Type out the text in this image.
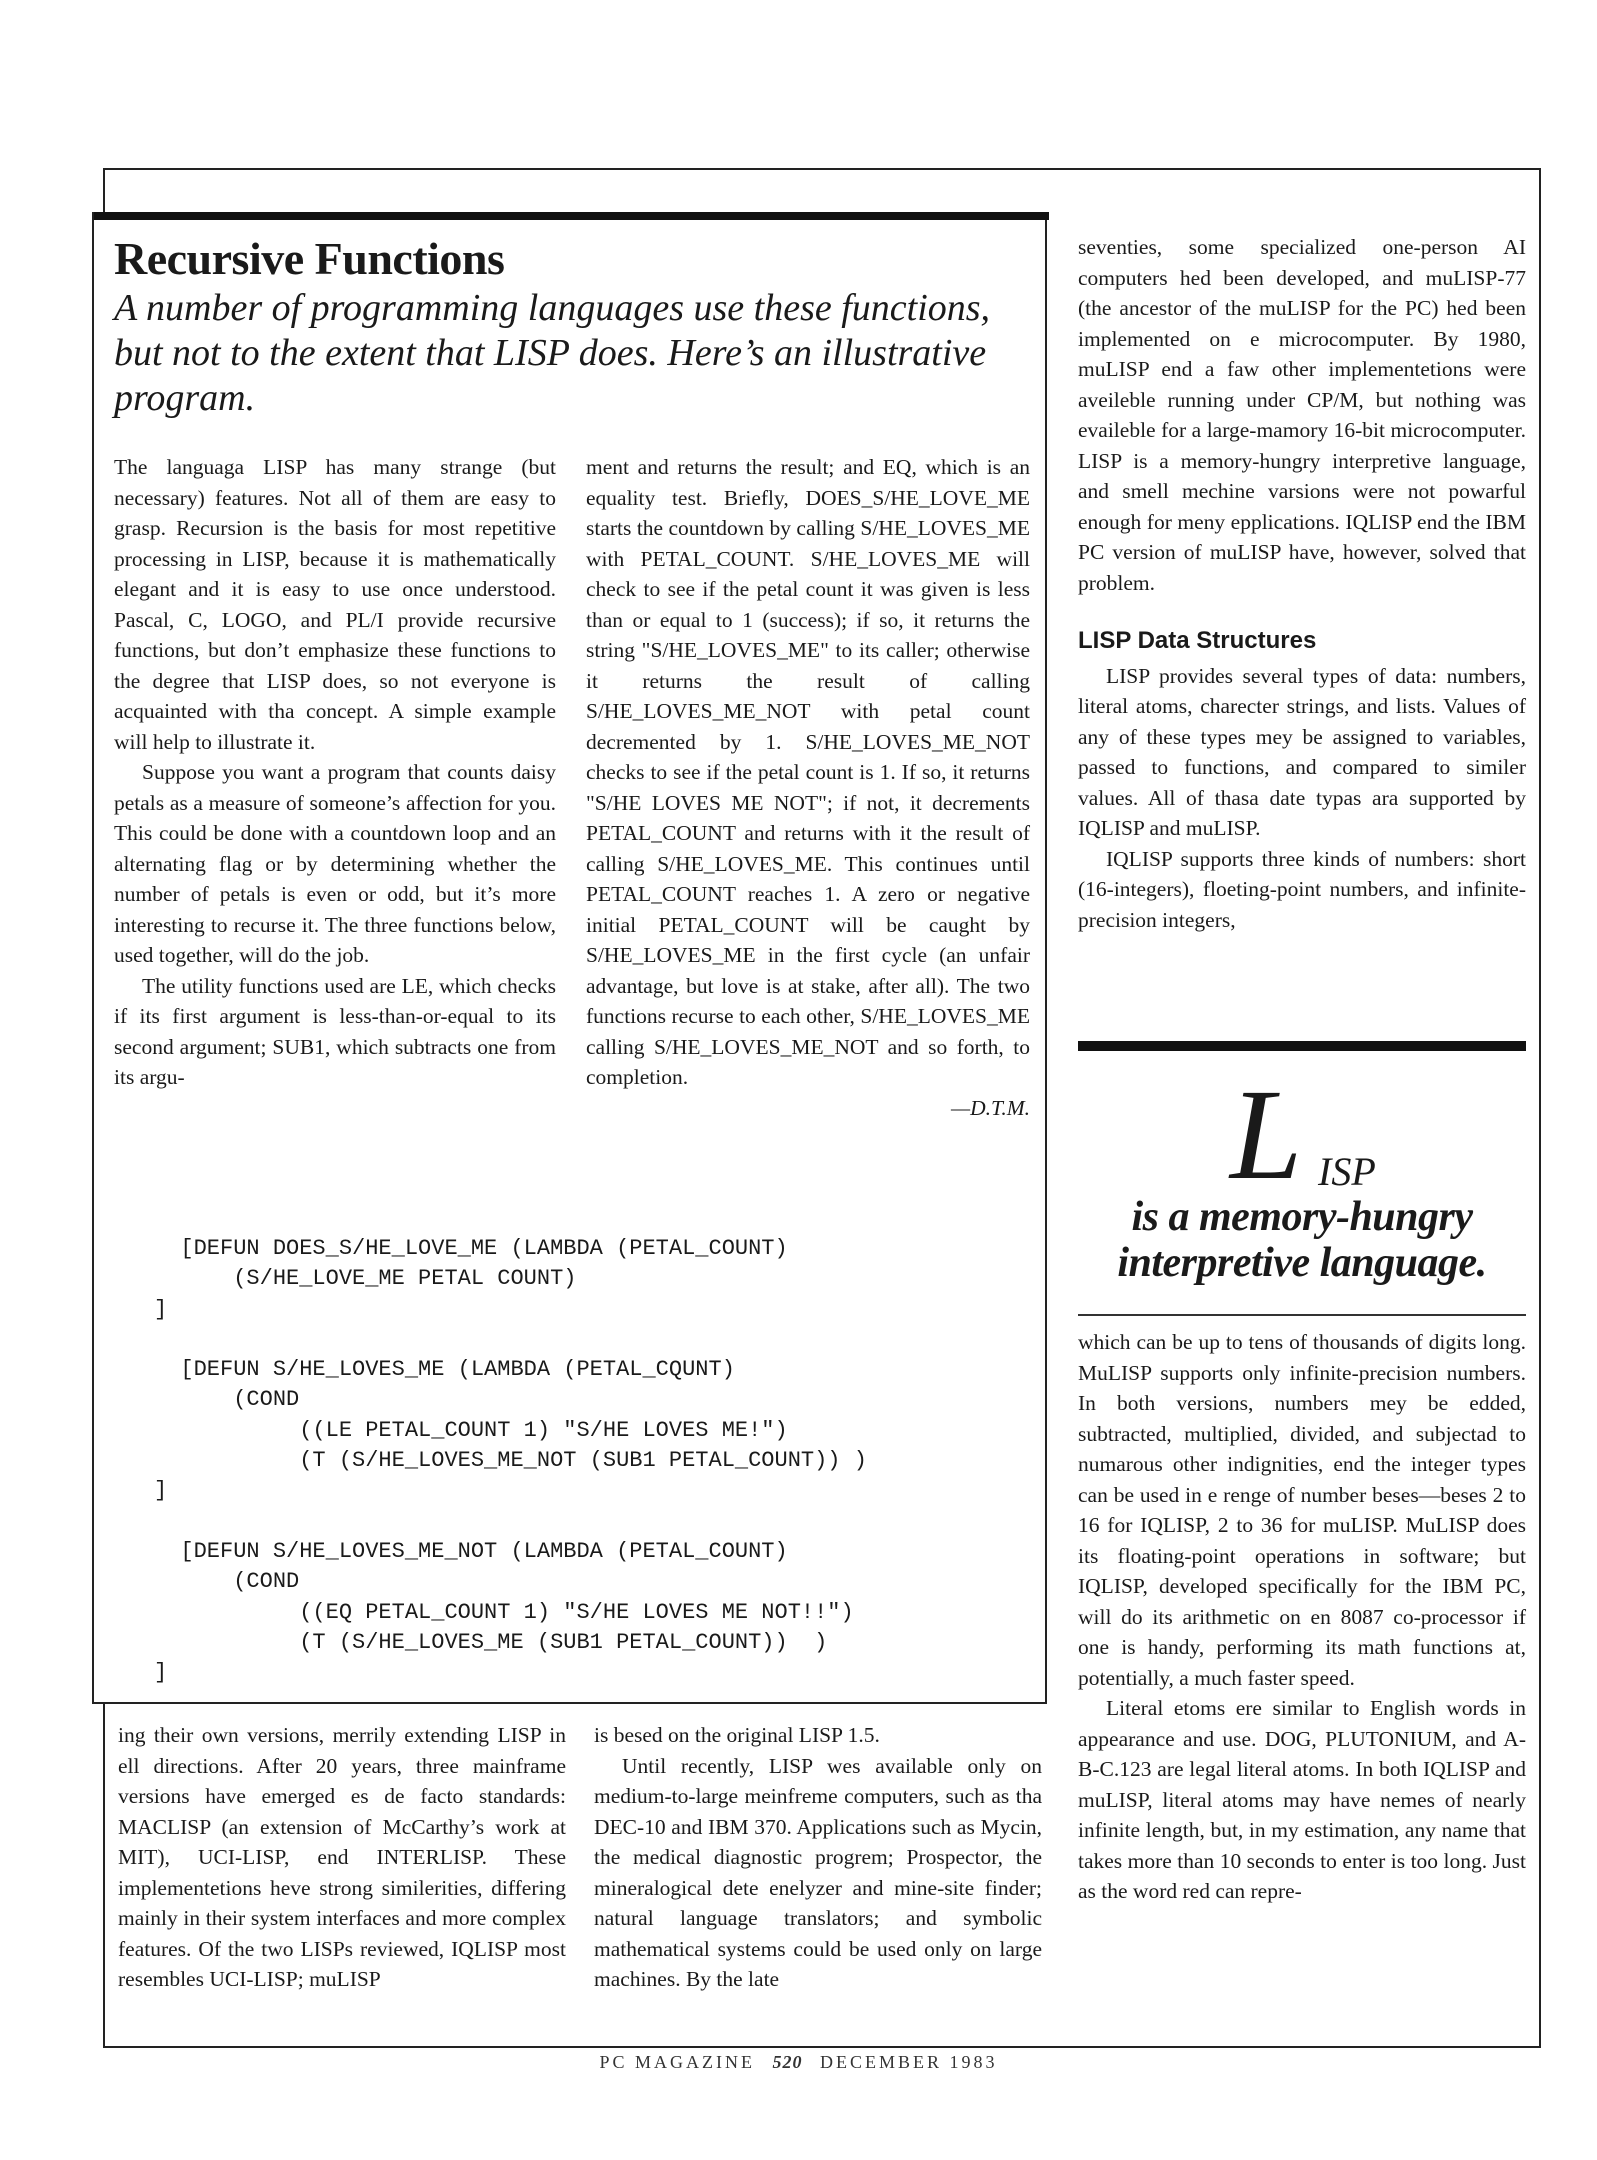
Recursive Functions

A number of programming languages use these functions, but not to the extent that LISP does. Here’s an illustrative program.

The languaga LISP has many strange (but necessary) features. Not all of them are easy to grasp. Recursion is the basis for most repetitive processing in LISP, because it is mathematically elegant and it is easy to use once understood. Pascal, C, LOGO, and PL/I provide recursive functions, but don’t emphasize these functions to the degree that LISP does, so not everyone is acquainted with tha concept. A simple example will help to illustrate it.

Suppose you want a program that counts daisy petals as a measure of someone’s affection for you. This could be done with a countdown loop and an alternating flag or by determining whether the number of petals is even or odd, but it’s more interesting to recurse it. The three functions below, used together, will do the job.

The utility functions used are LE, which checks if its first argument is less-than-or-equal to its second argument; SUB1, which subtracts one from its argu-

ment and returns the result; and EQ, which is an equality test. Briefly, DOES_S/HE_LOVE_ME starts the countdown by calling S/HE_LOVES_ME with PETAL_COUNT. S/HE_LOVES_ME will check to see if the petal count it was given is less than or equal to 1 (success); if so, it returns the string "S/HE_LOVES_ME" to its caller; otherwise it returns the result of calling S/HE_LOVES_ME_NOT with petal count decremented by 1. S/HE_LOVES_ME_NOT checks to see if the petal count is 1. If so, it returns "S/HE LOVES ME NOT"; if not, it decrements PETAL_COUNT and returns with it the result of calling S/HE_LOVES_ME. This continues until PETAL_COUNT reaches 1. A zero or negative initial PETAL_COUNT will be caught by S/HE_LOVES_ME in the first cycle (an unfair advantage, but love is at stake, after all). The two functions recurse to each other, S/HE_LOVES_ME calling S/HE_LOVES_ME_NOT and so forth, to completion.

—D.T.M.
[DEFUN DOES_S/HE_LOVE_ME (LAMBDA (PETAL_COUNT)
(S/HE_LOVE_ME PETAL COUNT)
]

[DEFUN S/HE_LOVES_ME (LAMBDA (PETAL_CQUNT)
(COND
((LE PETAL_COUNT 1) "S/HE LOVES ME!")
(T (S/HE_LOVES_ME_NOT (SUB1 PETAL_COUNT)) )
]

[DEFUN S/HE_LOVES_ME_NOT (LAMBDA (PETAL_COUNT)
(COND
((EQ PETAL_COUNT 1) "S/HE LOVES ME NOT!!")
(T (S/HE_LOVES_ME (SUB1 PETAL_COUNT))  )
]

ing their own versions, merrily extending LISP in ell directions. After 20 years, three mainframe versions have emerged es de facto standards: MACLISP (an extension of McCarthy’s work at MIT), UCI-LISP, end INTERLISP. These implementetions heve strong similerities, differing mainly in their system interfaces and more complex features. Of the two LISPs reviewed, IQLISP most resembles UCI-LISP; muLISP

is besed on the original LISP 1.5.

Until recently, LISP wes available only on medium-to-large meinfreme computers, such as tha DEC-10 and IBM 370. Applications such as Mycin, the medical diagnostic progrem; Prospector, the mineralogical dete enelyzer and mine-site finder; natural language translators; and symbolic mathematical systems could be used only on large machines. By the late

seventies, some specialized one-person AI computers hed been developed, and muLISP-77 (the ancestor of the muLISP for the PC) hed been implemented on e microcomputer. By 1980, muLISP end a faw other implementetions were aveileble running under CP/M, but nothing was evaileble for a large-mamory 16-bit microcomputer. LISP is a memory-hungry interpretive language, and smell mechine varsions were not powarful enough for meny epplications. IQLISP end the IBM PC version of muLISP have, however, solved that problem.

LISP Data Structures

LISP provides several types of data: numbers, literal atoms, charecter strings, and lists. Values of any of these types mey be assigned to variables, passed to functions, and compared to similer values. All of thasa date typas ara supported by IQLISP and muLISP.

IQLISP supports three kinds of numbers: short (16-integers), floeting-point numbers, and infinite-precision integers,

L ISP
is a memory-hungry interpretive language.

which can be up to tens of thousands of digits long. MuLISP supports only infinite-precision numbers. In both versions, numbers mey be edded, subtracted, multiplied, divided, and subjectad to numarous other indignities, end the integer types can be used in e renge of number beses—beses 2 to 16 for IQLISP, 2 to 36 for muLISP. MuLISP does its floating-point operations in software; but IQLISP, developed specifically for the IBM PC, will do its arithmetic on en 8087 co-processor if one is handy, performing its math functions at, potentially, a much faster speed.

Literal etoms ere similar to English words in appearance and use. DOG, PLUTONIUM, and A-B-C.123 are legal literal atoms. In both IQLISP and muLISP, literal atoms may have nemes of nearly infinite length, but, in my estimation, any name that takes more than 10 seconds to enter is too long. Just as the word red can repre-

PC MAGAZINE 520 DECEMBER 1983
